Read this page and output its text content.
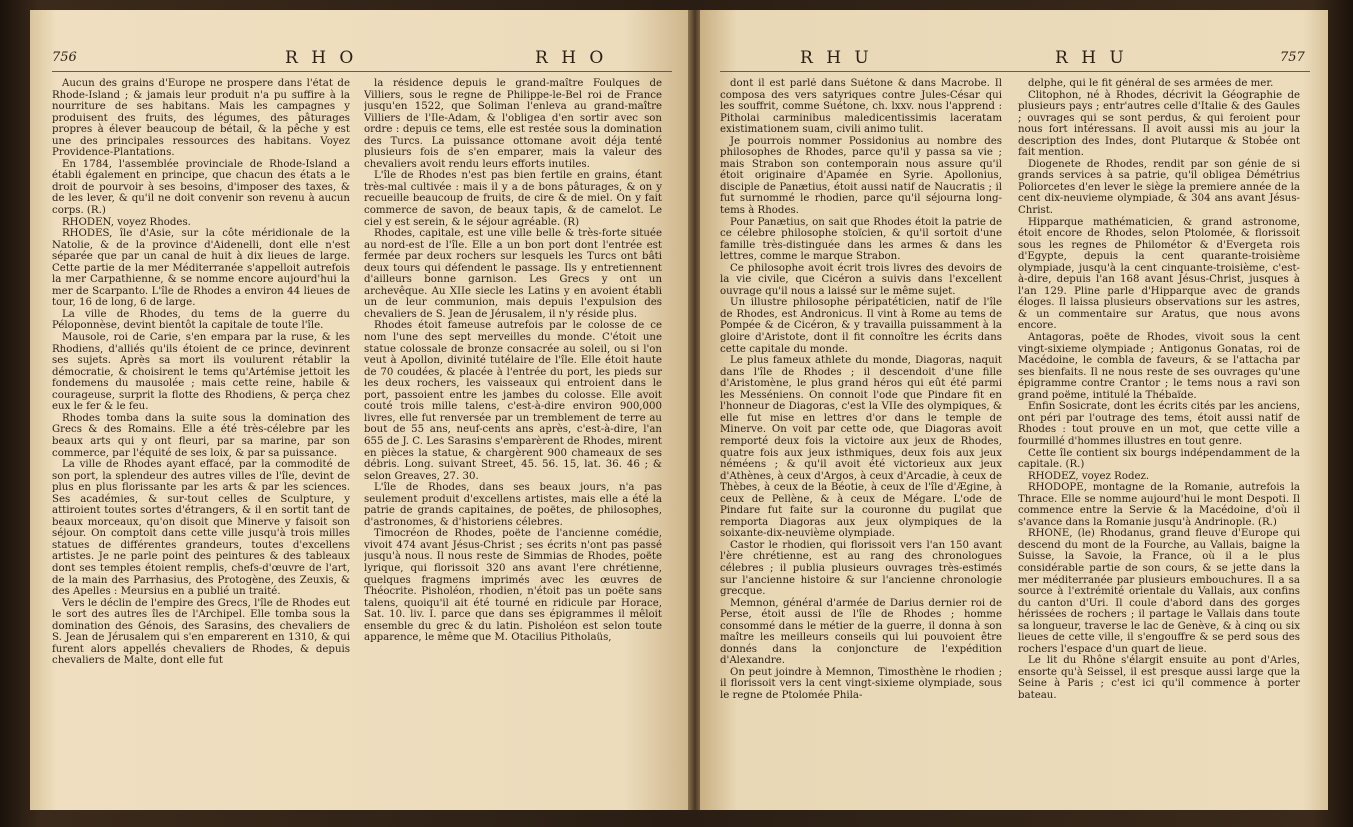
756	R H O	R H O

Aucun des grains d'Europe ne prospere dans l'état de Rhode-Island ; & jamais leur produit n'a pu suffire à la nourriture de ses habitans. Mais les campagnes y produisent des fruits, des légumes, des pâturages propres à élever beaucoup de bétail, & la pêche y est une des principales ressources des habitans. Voyez Providence-Plantations.

En 1784, l'assemblée provinciale de Rhode-Island a établi également en principe, que chacun des états a le droit de pourvoir à ses besoins, d'imposer des taxes, & de les lever, & qu'il ne doit convenir son revenu à aucun corps. (R.)

RHODEN, voyez Rhodes.

RHODES, île d'Asie, sur la côte méridionale de la Natolie, & de la province d'Aidenelli, dont elle n'est séparée que par un canal de huit à dix lieues de large. Cette partie de la mer Méditerranée s'appelloit autrefois la mer Carpathienne, & se nomme encore aujourd'hui la mer de Scarpanto. L'île de Rhodes a environ 44 lieues de tour, 16 de long, 6 de large.

La ville de Rhodes, du tems de la guerre du Péloponnèse, devint bientôt la capitale de toute l'île.

Mausole, roi de Carie, s'en empara par la ruse, & les Rhodiens, d'alliés qu'ils étoient de ce prince, devinrent ses sujets. Après sa mort ils voulurent rétablir la démocratie, & choisirent le tems qu'Artémise jettoit les fondemens du mausolée ; mais cette reine, habile & courageuse, surprit la flotte des Rhodiens, & perça chez eux le fer & le feu.

Rhodes tomba dans la suite sous la domination des Grecs & des Romains. Elle a été très-célebre par les beaux arts qui y ont fleuri, par sa marine, par son commerce, par l'équité de ses loix, & par sa puissance.

La ville de Rhodes ayant effacé, par la commodité de son port, la splendeur des autres villes de l'île, devint de plus en plus florissante par les arts & par les sciences. Ses académies, & sur-tout celles de Sculpture, y attiroient toutes sortes d'étrangers, & il en sortit tant de beaux morceaux, qu'on disoit que Minerve y faisoit son séjour. On comptoit dans cette ville jusqu'à trois milles statues de différentes grandeurs, toutes d'excellens artistes. Je ne parle point des peintures & des tableaux dont ses temples étoient remplis, chefs-d'œuvre de l'art, de la main des Parrhasius, des Protogène, des Zeuxis, & des Apelles : Meursius en a publié un traité.

Vers le déclin de l'empire des Grecs, l'île de Rhodes eut le sort des autres îles de l'Archipel. Elle tomba sous la domination des Génois, des Sarasins, des chevaliers de S. Jean de Jérusalem qui s'en emparerent en 1310, & qui furent alors appellés chevaliers de Rhodes, & depuis chevaliers de Malte, dont elle fut

la résidence depuis le grand-maître Foulques de Villiers, sous le regne de Philippe-le-Bel roi de France jusqu'en 1522, que Soliman l'enleva au grand-maître Villiers de l'Ile-Adam, & l'obligea d'en sortir avec son ordre : depuis ce tems, elle est restée sous la domination des Turcs. La puissance ottomane avoit déja tenté plusieurs fois de s'en emparer, mais la valeur des chevaliers avoit rendu leurs efforts inutiles.

L'île de Rhodes n'est pas bien fertile en grains, étant très-mal cultivée : mais il y a de bons pâturages, & on y recueille beaucoup de fruits, de cire & de miel. On y fait commerce de savon, de beaux tapis, & de camelot. Le ciel y est serein, & le séjour agréable. (R)

Rhodes, capitale, est une ville belle & très-forte située au nord-est de l'île. Elle a un bon port dont l'entrée est fermée par deux rochers sur lesquels les Turcs ont bâti deux tours qui défendent le passage. Ils y entretiennent d'ailleurs bonne garnison. Les Grecs y ont un archevêque. Au XIIe siecle les Latins y en avoient établi un de leur communion, mais depuis l'expulsion des chevaliers de S. Jean de Jérusalem, il n'y réside plus.

Rhodes étoit fameuse autrefois par le colosse de ce nom l'une des sept merveilles du monde. C'étoit une statue colossale de bronze consacrée au soleil, ou si l'on veut à Apollon, divinité tutélaire de l'île. Elle étoit haute de 70 coudées, & placée à l'entrée du port, les pieds sur les deux rochers, les vaisseaux qui entroient dans le port, passoient entre les jambes du colosse. Elle avoit couté trois mille talens, c'est-à-dire environ 900,000 livres, elle fut renversée par un tremblement de terre au bout de 55 ans, neuf-cents ans après, c'est-à-dire, l'an 655 de J. C. Les Sarasins s'emparèrent de Rhodes, mirent en pièces la statue, & chargèrent 900 chameaux de ses débris. Long. suivant Street, 45. 56. 15, lat. 36. 46 ; & selon Greaves, 27. 30.

L'île de Rhodes, dans ses beaux jours, n'a pas seulement produit d'excellens artistes, mais elle a été la patrie de grands capitaines, de poëtes, de philosophes, d'astronomes, & d'historiens célebres.

Timocréon de Rhodes, poëte de l'ancienne comédie, vivoit 474 avant Jésus-Christ ; ses écrits n'ont pas passé jusqu'à nous. Il nous reste de Simmias de Rhodes, poëte lyrique, qui florissoit 320 ans avant l'ere chrétienne, quelques fragmens imprimés avec les œuvres de Théocrite. Pisholéon, rhodien, n'étoit pas un poëte sans talens, quoiqu'il ait été tourné en ridicule par Horace, Sat. 10. liv. I. parce que dans ses épigrammes il mêloit ensemble du grec & du latin. Pisholéon est selon toute apparence, le même que M. Otacilius Pitholaüs,

R H U	R H U	757

dont il est parlé dans Suétone & dans Macrobe. Il composa des vers satyriques contre Jules-César qui les souffrit, comme Suétone, ch. lxxv. nous l'apprend : Pitholai carminibus maledicentissimis laceratam existimationem suam, civili animo tulit.

Je pourrois nommer Possidonius au nombre des philosophes de Rhodes, parce qu'il y passa sa vie ; mais Strabon son contemporain nous assure qu'il étoit originaire d'Apamée en Syrie. Apollonius, disciple de Panætius, étoit aussi natif de Naucratis ; il fut surnommé le rhodien, parce qu'il séjourna long-tems à Rhodes.

Pour Panætius, on sait que Rhodes étoit la patrie de ce célebre philosophe stoïcien, & qu'il sortoit d'une famille très-distinguée dans les armes & dans les lettres, comme le marque Strabon.

Ce philosophe avoit écrit trois livres des devoirs de la vie civile, que Cicéron a suivis dans l'excellent ouvrage qu'il nous a laissé sur le même sujet.

Un illustre philosophe péripatéticien, natif de l'île de Rhodes, est Andronicus. Il vint à Rome au tems de Pompée & de Cicéron, & y travailla puissamment à la gloire d'Aristote, dont il fit connoître les écrits dans cette capitale du monde.

Le plus fameux athlete du monde, Diagoras, naquit dans l'île de Rhodes ; il descendoit d'une fille d'Aristomène, le plus grand héros qui eût été parmi les Messéniens. On connoit l'ode que Pindare fit en l'honneur de Diagoras, c'est la VIIe des olympiques, & elle fut mise en lettres d'or dans le temple de Minerve. On voit par cette ode, que Diagoras avoit remporté deux fois la victoire aux jeux de Rhodes, quatre fois aux jeux isthmiques, deux fois aux jeux néméens ; & qu'il avoit été victorieux aux jeux d'Athènes, à ceux d'Argos, à ceux d'Arcadie, à ceux de Thèbes, à ceux de la Béotie, à ceux de l'île d'Ægine, à ceux de Pellène, & à ceux de Mégare. L'ode de Pindare fut faite sur la couronne du pugilat que remporta Diagoras aux jeux olympiques de la soixante-dix-neuvième olympiade.

Castor le rhodien, qui florissoit vers l'an 150 avant l'ère chrétienne, est au rang des chronologues célebres ; il publia plusieurs ouvrages très-estimés sur l'ancienne histoire & sur l'ancienne chronologie grecque.

Memnon, général d'armée de Darius dernier roi de Perse, étoit aussi de l'île de Rhodes ; homme consommé dans le métier de la guerre, il donna à son maître les meilleurs conseils qui lui pouvoient être donnés dans la conjoncture de l'expédition d'Alexandre.

On peut joindre à Memnon, Timosthène le rhodien ; il florissoit vers la cent vingt-sixieme olympiade, sous le regne de Ptolomée Phila-

delphe, qui le fit général de ses armées de mer.

Clitophon, né à Rhodes, décrivit la Géographie de plusieurs pays ; entr'autres celle d'Italie & des Gaules ; ouvrages qui se sont perdus, & qui feroient pour nous fort intéressans. Il avoit aussi mis au jour la description des Indes, dont Plutarque & Stobée ont fait mention.

Diogenete de Rhodes, rendit par son génie de si grands services à sa patrie, qu'il obligea Démétrius Poliorcetes d'en lever le siège la premiere année de la cent dix-neuvieme olympiade, & 304 ans avant Jésus-Christ.

Hipparque mathématicien, & grand astronome, étoit encore de Rhodes, selon Ptolomée, & florissoit sous les regnes de Philométor & d'Evergeta rois d'Egypte, depuis la cent quarante-troisième olympiade, jusqu'à la cent cinquante-troisième, c'est-à-dire, depuis l'an 168 avant Jésus-Christ, jusques à l'an 129. Pline parle d'Hipparque avec de grands éloges. Il laissa plusieurs observations sur les astres, & un commentaire sur Aratus, que nous avons encore.

Antagoras, poëte de Rhodes, vivoit sous la cent vingt-sixieme olympiade ; Antigonus Gonatas, roi de Macédoine, le combla de faveurs, & se l'attacha par ses bienfaits. Il ne nous reste de ses ouvrages qu'une épigramme contre Crantor ; le tems nous a ravi son grand poëme, intitulé la Thébaïde.

Enfin Sosicrate, dont les écrits cités par les anciens, ont péri par l'outrage des tems, étoit aussi natif de Rhodes : tout prouve en un mot, que cette ville a fourmillé d'hommes illustres en tout genre.

Cette île contient six bourgs indépendamment de la capitale. (R.)

RHODEZ, voyez Rodez.

RHODOPE, montagne de la Romanie, autrefois la Thrace. Elle se nomme aujourd'hui le mont Despoti. Il commence entre la Servie & la Macédoine, d'où il s'avance dans la Romanie jusqu'à Andrinople. (R.)

RHONE, (le) Rhodanus, grand fleuve d'Europe qui descend du mont de la Fourche, au Vallais, baigne la Suisse, la Savoie, la France, où il a le plus considérable partie de son cours, & se jette dans la mer méditerranée par plusieurs embouchures. Il a sa source à l'extrémité orientale du Vallais, aux confins du canton d'Uri. Il coule d'abord dans des gorges hérissées de rochers ; il partage le Vallais dans toute sa longueur, traverse le lac de Genève, & à cinq ou six lieues de cette ville, il s'engouffre & se perd sous des rochers l'espace d'un quart de lieue.

Le lit du Rhône s'élargit ensuite au pont d'Arles, ensorte qu'à Seissel, il est presque aussi large que la Seine à Paris ; c'est ici qu'il commence à porter bateau.
